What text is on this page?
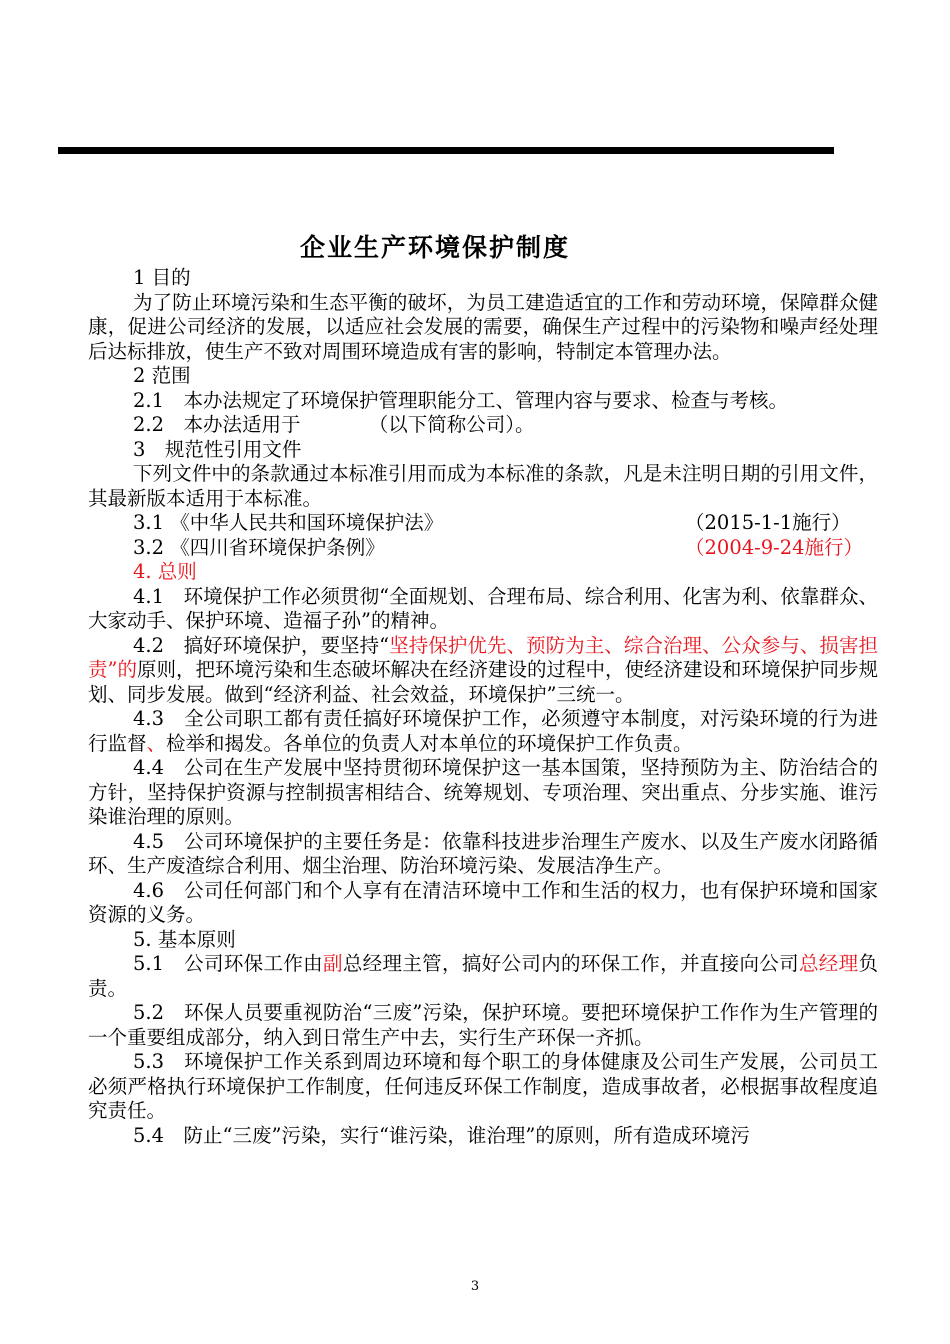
企业生产环境保护制度

1 目的

为了防止环境污染和生态平衡的破坏，为员工建造适宜的工作和劳动环境，保障群众健康，促进公司经济的发展，以适应社会发展的需要，确保生产过程中的污染物和噪声经处理后达标排放，使生产不致对周围环境造成有害的影响，特制定本管理办法。

2 范围

2.1　本办法规定了环境保护管理职能分工、管理内容与要求、检查与考核。

2.2　本办法适用于　　　　（以下简称公司）。

3　规范性引用文件

下列文件中的条款通过本标准引用而成为本标准的条款，凡是未注明日期的引用文件，其最新版本适用于本标准。

3.1 《中华人民共和国环境保护法》	（2015-1-1施行）
3.2 《四川省环境保护条例》	（2004-9-24施行）

4. 总则

4.1　环境保护工作必须贯彻“全面规划、合理布局、综合利用、化害为利、依靠群众、大家动手、保护环境、造福子孙”的精神。

4.2　搞好环境保护，要坚持“坚持保护优先、预防为主、综合治理、公众参与、损害担责”的原则，把环境污染和生态破坏解决在经济建设的过程中，使经济建设和环境保护同步规划、同步发展。做到“经济利益、社会效益，环境保护”三统一。

4.3　全公司职工都有责任搞好环境保护工作，必须遵守本制度，对污染环境的行为进行监督、检举和揭发。各单位的负责人对本单位的环境保护工作负责。

4.4　公司在生产发展中坚持贯彻环境保护这一基本国策，坚持预防为主、防治结合的方针，坚持保护资源与控制损害相结合、统筹规划、专项治理、突出重点、分步实施、谁污染谁治理的原则。

4.5　公司环境保护的主要任务是：依靠科技进步治理生产废水、以及生产废水闭路循环、生产废渣综合利用、烟尘治理、防治环境污染、发展洁净生产。

4.6　公司任何部门和个人享有在清洁环境中工作和生活的权力，也有保护环境和国家资源的义务。

5. 基本原则

5.1　公司环保工作由副总经理主管，搞好公司内的环保工作，并直接向公司总经理负责。

5.2　环保人员要重视防治“三废”污染，保护环境。要把环境保护工作作为生产管理的一个重要组成部分，纳入到日常生产中去，实行生产环保一齐抓。

5.3　环境保护工作关系到周边环境和每个职工的身体健康及公司生产发展，公司员工必须严格执行环境保护工作制度，任何违反环保工作制度，造成事故者，必根据事故程度追究责任。

5.4　防止“三废”污染，实行“谁污染，谁治理”的原则，所有造成环境污

3
